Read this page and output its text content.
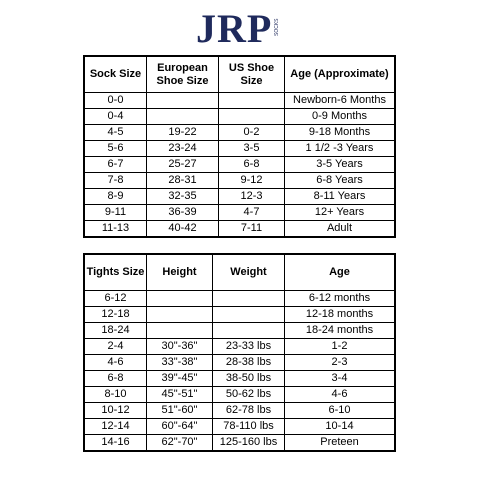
JRP SOCKS
Sock Size	European Shoe Size	US Shoe Size	Age (Approximate)
0-0			Newborn-6 Months
0-4			0-9 Months
4-5	19-22	0-2	9-18 Months
5-6	23-24	3-5	1 1/2 -3 Years
6-7	25-27	6-8	3-5 Years
7-8	28-31	9-12	6-8 Years
8-9	32-35	12-3	8-11 Years
9-11	36-39	4-7	12+ Years
11-13	40-42	7-11	Adult
Tights Size	Height	Weight	Age
6-12			6-12 months
12-18			12-18 months
18-24			18-24 months
2-4	30"-36"	23-33 lbs	1-2
4-6	33"-38"	28-38 lbs	2-3
6-8	39"-45"	38-50 lbs	3-4
8-10	45"-51"	50-62 lbs	4-6
10-12	51"-60"	62-78 lbs	6-10
12-14	60"-64"	78-110 lbs	10-14
14-16	62"-70"	125-160 lbs	Preteen
